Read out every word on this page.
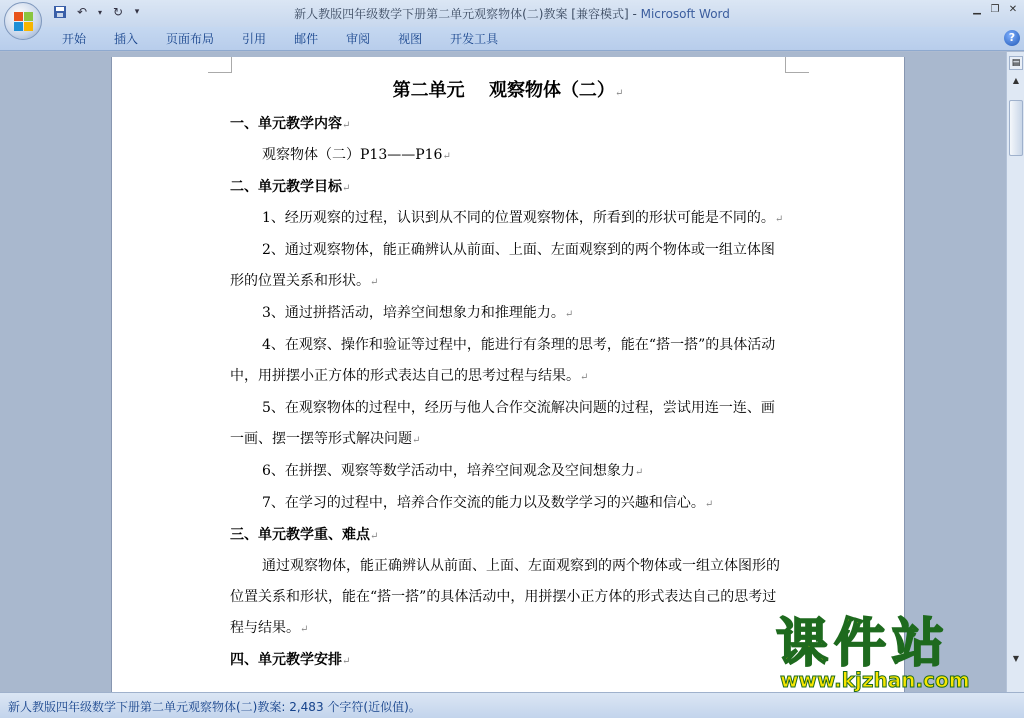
↶	▾ ↻	▾	新人教版四年级数学下册第二单元观察物体(二)教案 [兼容模式] - Microsoft Word	▁ ❐ ✕
开始	插入	页面布局	引用	邮件	审阅	视图	开发工具	?
第二单元　 观察物体（二）↵
一、单元教学内容↵
观察物体（二）P13——P16↵
二、单元教学目标↵
1、经历观察的过程，认识到从不同的位置观察物体，所看到的形状可能是不同的。↵
2、通过观察物体，能正确辨认从前面、上面、左面观察到的两个物体或一组立体图形的位置关系和形状。↵
3、通过拼搭活动，培养空间想象力和推理能力。↵
4、在观察、操作和验证等过程中，能进行有条理的思考，能在“搭一搭”的具体活动中，用拼摆小正方体的形式表达自己的思考过程与结果。↵
5、在观察物体的过程中，经历与他人合作交流解决问题的过程，尝试用连一连、画一画、摆一摆等形式解决问题↵
6、在拼摆、观察等数学活动中，培养空间观念及空间想象力↵
7、在学习的过程中，培养合作交流的能力以及数学学习的兴趣和信心。↵
三、单元教学重、难点↵
通过观察物体，能正确辨认从前面、上面、左面观察到的两个物体或一组立体图形的位置关系和形状，能在“搭一搭”的具体活动中，用拼摆小正方体的形式表达自己的思考过程与结果。↵
四、单元教学安排↵
▤
▲
▼
新人教版四年级数学下册第二单元观察物体(二)教案: 2,483 个字符(近似值)。
课件站
www.kjzhan.com
